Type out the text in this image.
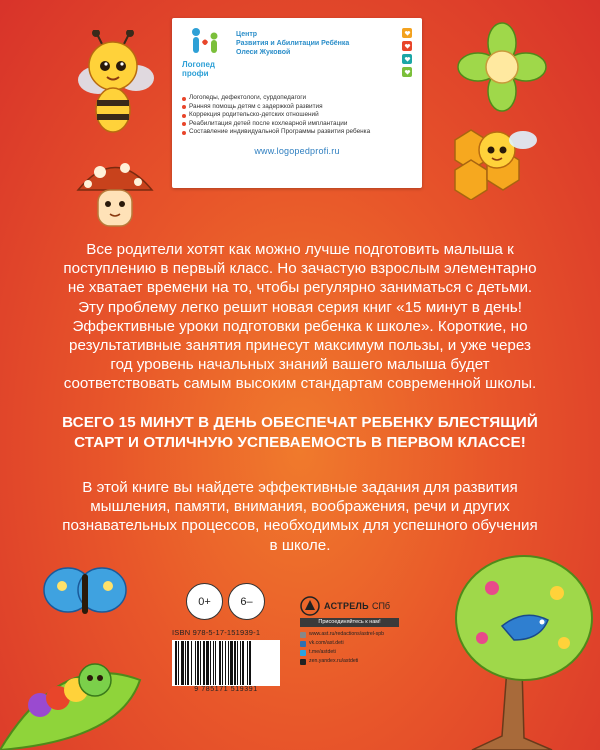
Логопед
профи
Центр
Развития и Абилитации Ребёнка
Олеси Жуковой
Логопеды, дефектологи, сурдопедагоги
Ранняя помощь детям с задержкой развития
Коррекция родительско-детских отношений
Реабилитация детей после кохлеарной имплантации
Составление индивидуальной Программы развития ребенка
www.logopedprofi.ru

Все родители хотят как можно лучше подготовить малыша к поступлению в первый класс. Но зачастую взрослым элементарно не хватает времени на то, чтобы регулярно заниматься с детьми. Эту проблему легко решит новая серия книг «15 минут в день! Эффективные уроки подготовки ребенка к школе». Короткие, но результативные занятия принесут максимум пользы, и уже через год уровень начальных знаний вашего малыша будет соответствовать самым высоким стандартам современной школы.

ВСЕГО 15 МИНУТ В ДЕНЬ ОБЕСПЕЧАТ РЕБЕНКУ БЛЕСТЯЩИЙ СТАРТ И ОТЛИЧНУЮ УСПЕВАЕМОСТЬ В ПЕРВОМ КЛАССЕ!

В этой книге вы найдете эффективные задания для развития мышления, памяти, внимания, воображения, речи и других познавательных процессов, необходимых для успешного обучения в школе.

0+	6–
ISBN 978-5-17-151939-1
9 785171 519391
АСТРЕЛЬ СПб
Присоединяйтесь к нам!
www.ast.ru/redactions/astrel-spb
vk.com/ast.deti
t.me/astdeti
zen.yandex.ru/astdeti
